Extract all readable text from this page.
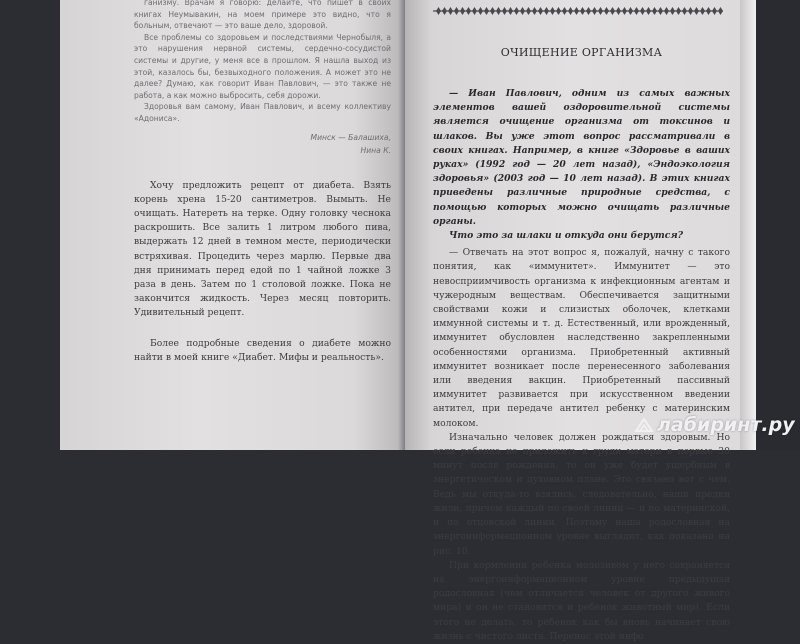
ганизму. Врачам я говорю: делайте, что пишет в своих книгах Неумывакин, на моем примере это видно, что я больным, отвечают — это ваше дело, здоровой.

Все проблемы со здоровьем и последствиями Чернобыля, а это нарушения нервной системы, сердечно-сосудистой системы и другие, у меня все в прошлом. Я нашла выход из этой, казалось бы, безвыходного положения. А может это не далее? Думаю, как говорит Иван Павлович, — это также не работа, а как можно выбросить, себя дорожи.

Здоровья вам самому, Иван Павлович, и всему коллективу «Адониса».

Минск — Балашиха,

Нина К.

Хочу предложить рецепт от диабета. Взять корень хрена 15-20 сантиметров. Вымыть. Не очищать. Натереть на терке. Одну головку чеснока раскрошить. Все залить 1 литром любого пива, выдержать 12 дней в темном месте, периодически встряхивая. Процедить через марлю. Первые два дня принимать перед едой по 1 чайной ложке 3 раза в день. Затем по 1 столовой ложке. Пока не закончится жидкость. Через месяц повторить. Удивительный рецепт.

Более подробные сведения о диабете можно найти в моей книге «Диабет. Мифы и реальность».

ОЧИЩЕНИЕ ОРГАНИЗМА

— Иван Павлович, одним из самых важных элементов вашей оздоровительной системы является очищение организма от токсинов и шлаков. Вы уже этот вопрос рассматривали в своих книгах. Например, в книге «Здоровье в ваших руках» (1992 год — 20 лет назад), «Эндоэкология здоровья» (2003 год — 10 лет назад). В этих книгах приведены различные природные средства, с помощью которых можно очищать различные органы.

Что это за шлаки и откуда они берутся?

— Отвечать на этот вопрос я, пожалуй, начну с такого понятия, как «иммунитет». Иммунитет — это невосприимчивость организма к инфекционным агентам и чужеродным веществам. Обеспечивается защитными свойствами кожи и слизистых оболочек, клетками иммунной системы и т. д. Естественный, или врожденный, иммунитет обусловлен наследственно закрепленными особенностями организма. Приобретенный активный иммунитет возникает после перенесенного заболевания или введения вакцин. Приобретенный пассивный иммунитет развивается при искусственном введении антител, при передаче антител ребенку с материнским молоком.

Изначально человек должен рождаться здоровым. Но если ребенка не приложить к груди матери в первые 30 минут после рождения, то он уже будет ущербным в энергетическом и духовном плане. Это связано вот с чем. Ведь мы откуда-то взялись, следовательно, наши предки жили, причем каждый по своей линии — и по материнской, и по отцовской линии. Поэтому наша родословная на энергоинформационном уровне выглядит, как показано на рис. 10.

При кормлении ребенка молозивом у него сохраняется на энергоинформационном уровне предыдущая родословная (чем отличается человек от другого живого мира) и он не становится и ребенок животный мир). Если этого не делать, то ребенок как бы вновь начинает свою жизнь с чистого листа. Перенос этой инфо

лабиринт.ру
